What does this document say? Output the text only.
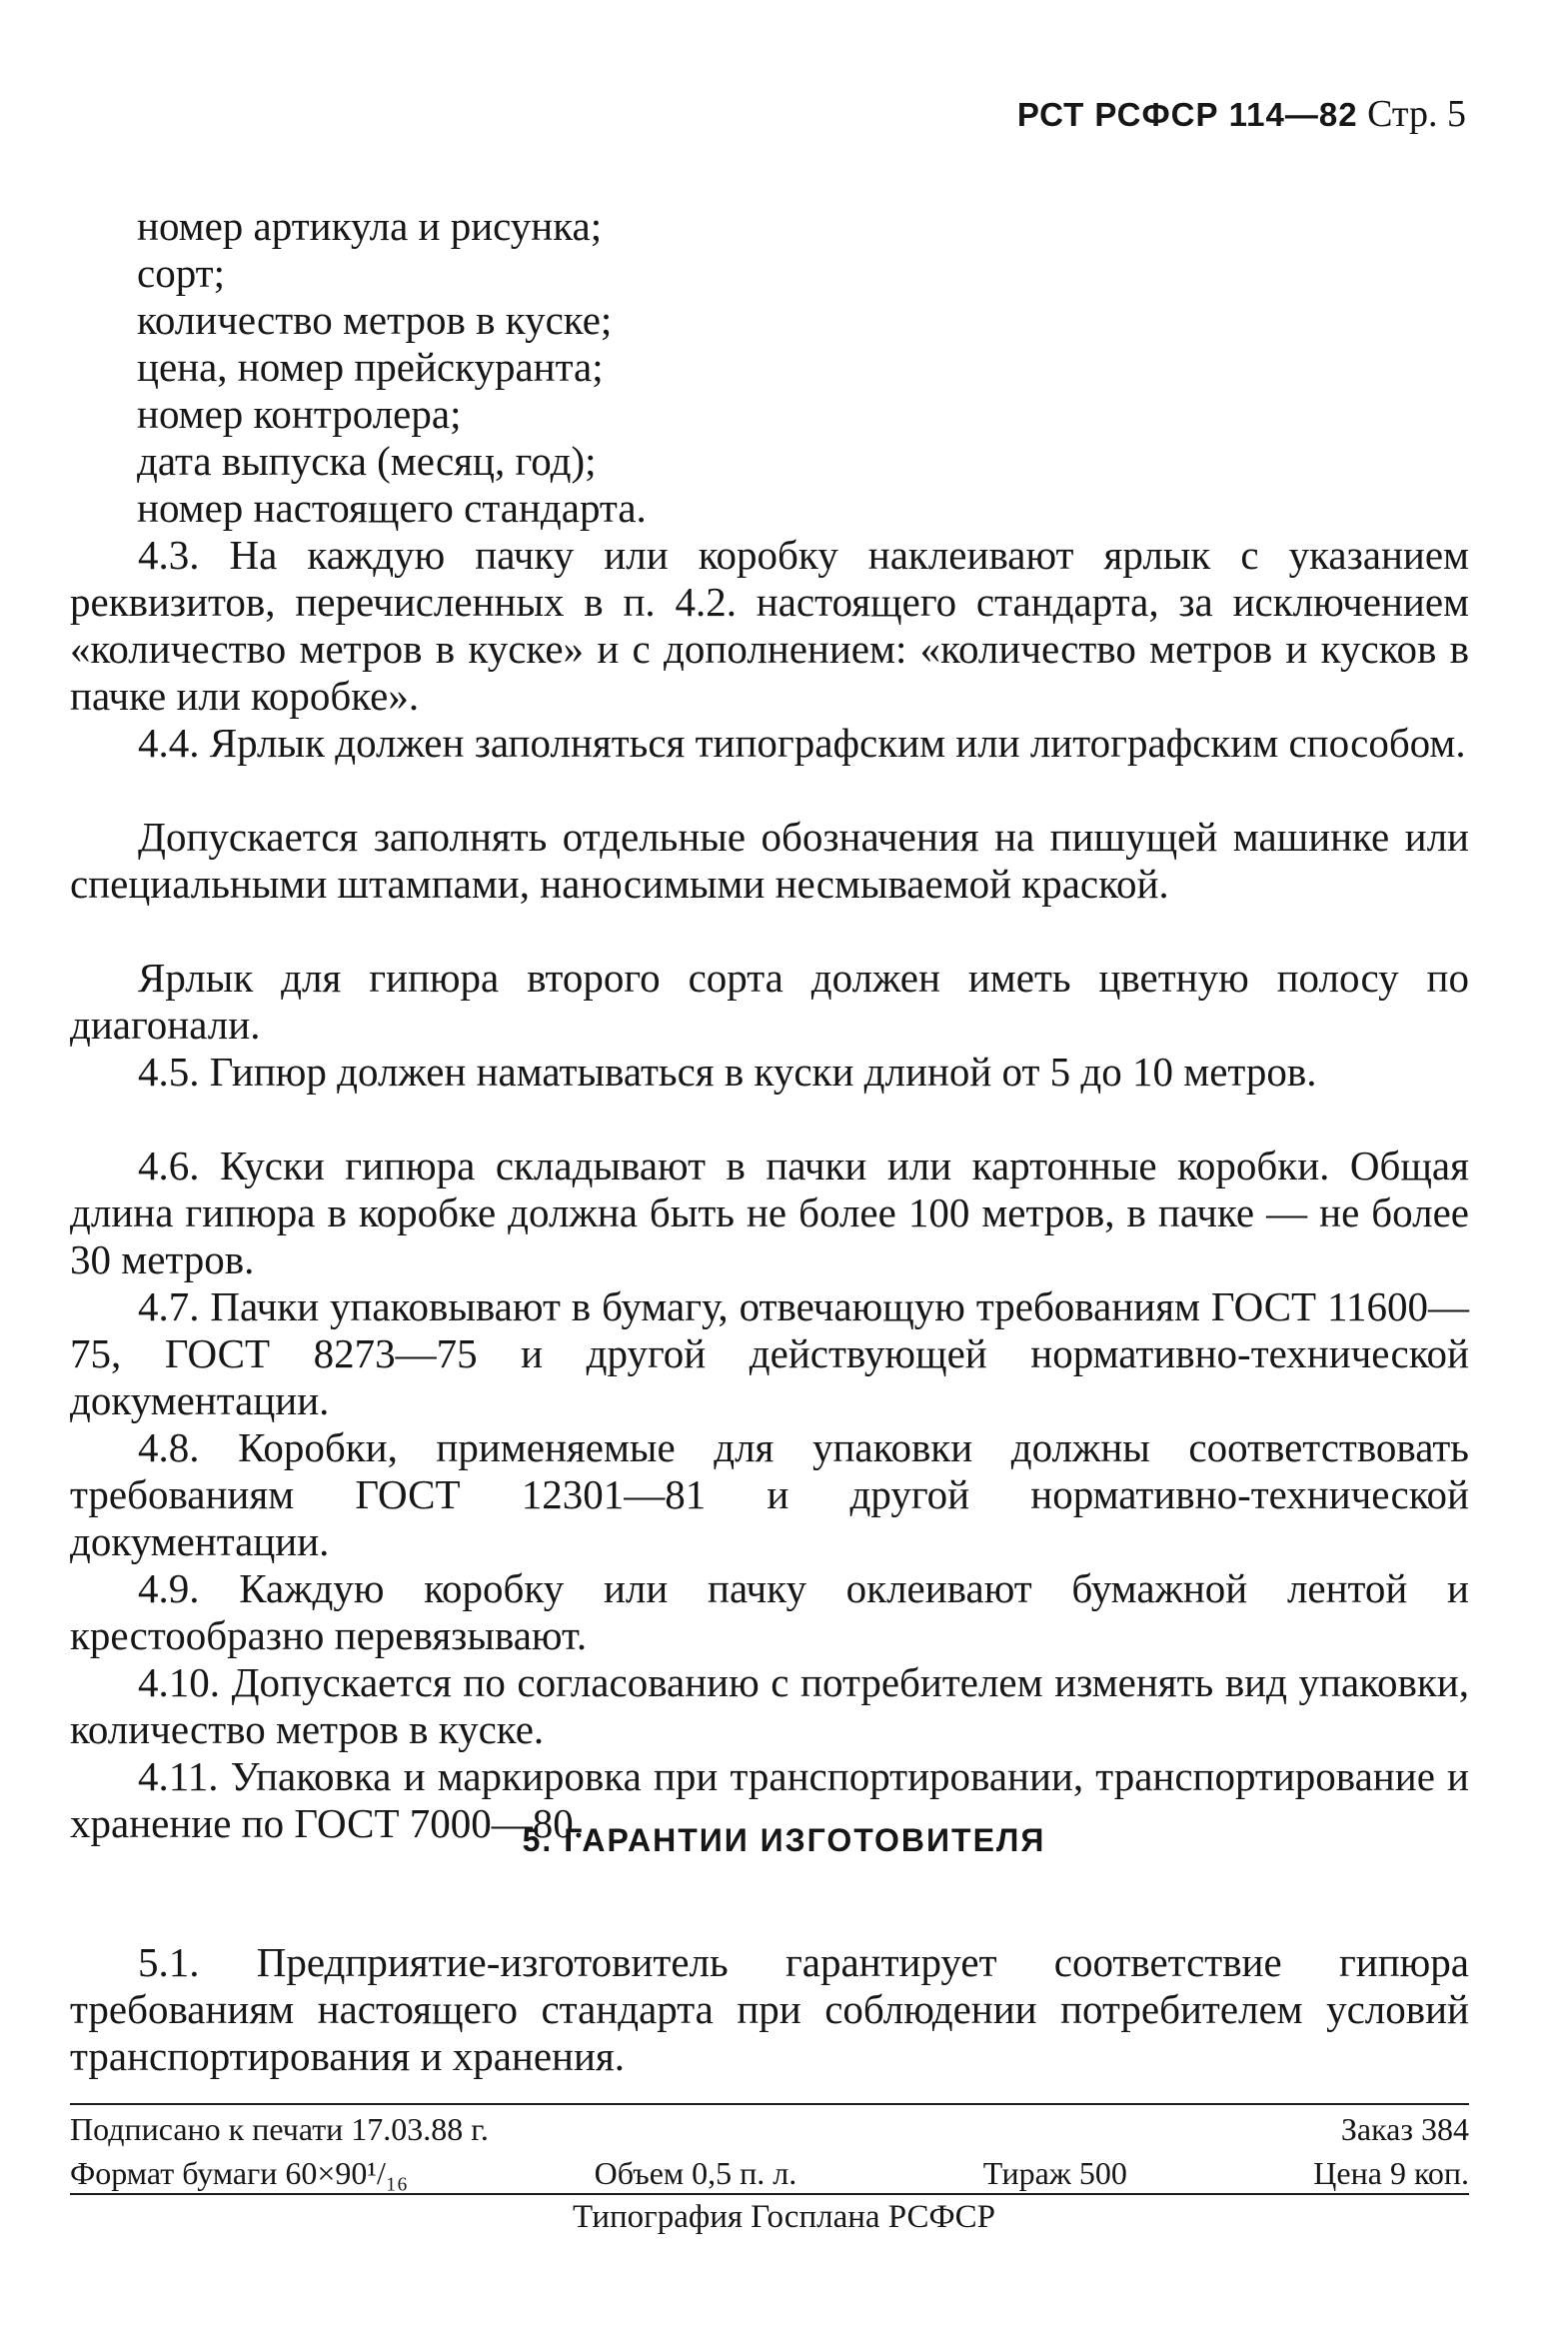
РСТ РСФСР 114—82 Стр. 5
номер артикула и рисунка;
сорт;
количество метров в куске;
цена, номер прейскуранта;
номер контролера;
дата выпуска (месяц, год);
номер настоящего стандарта.
4.3. На каждую пачку или коробку наклеивают ярлык с указанием реквизитов, перечисленных в п. 4.2. настоящего стандарта, за исключением «количество метров в куске» и с дополнением: «количество метров и кусков в пачке или коробке».
4.4. Ярлык должен заполняться типографским или литографским способом.
Допускается заполнять отдельные обозначения на пишущей машинке или специальными штампами, наносимыми несмываемой краской.
Ярлык для гипюра второго сорта должен иметь цветную полосу по диагонали.
4.5. Гипюр должен наматываться в куски длиной от 5 до 10 метров.
4.6. Куски гипюра складывают в пачки или картонные коробки. Общая длина гипюра в коробке должна быть не более 100 метров, в пачке — не более 30 метров.
4.7. Пачки упаковывают в бумагу, отвечающую требованиям ГОСТ 11600—75, ГОСТ 8273—75 и другой действующей нормативно-технической документации.
4.8. Коробки, применяемые для упаковки должны соответствовать требованиям ГОСТ 12301—81 и другой нормативно-технической документации.
4.9. Каждую коробку или пачку оклеивают бумажной лентой и крестообразно перевязывают.
4.10. Допускается по согласованию с потребителем изменять вид упаковки, количество метров в куске.
4.11. Упаковка и маркировка при транспортировании, транспортирование и хранение по ГОСТ 7000—80.
5. ГАРАНТИИ ИЗГОТОВИТЕЛЯ
5.1. Предприятие-изготовитель гарантирует соответствие гипюра требованиям настоящего стандарта при соблюдении потребителем условий транспортирования и хранения.
Подписано к печати 17.03.88 г.	Заказ 384
Формат бумаги 60×90¹/₁₆	Объем 0,5 п. л.	Тираж 500	Цена 9 коп.
Типография Госплана РСФСР
